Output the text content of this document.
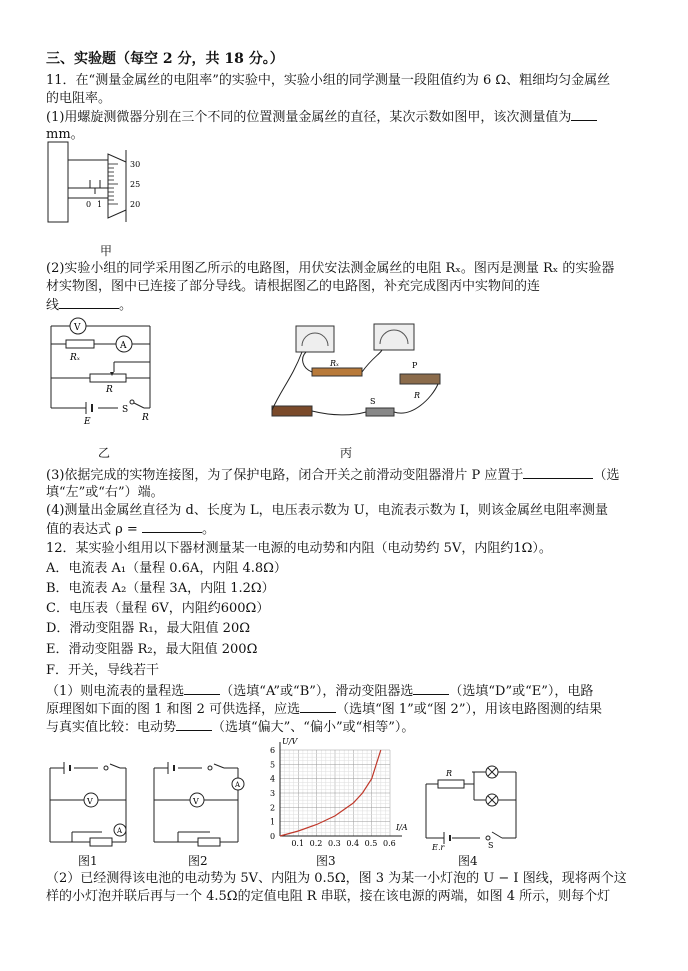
三、实验题（每空 2 分，共 18 分。）
11．在“测量金属丝的电阻率”的实验中，实验小组的同学测量一段阻值约为 6 Ω、粗细均匀金属丝
的电阻率。
(1)用螺旋测微器分别在三个不同的位置测量金属丝的直径，某次示数如图甲，该次测量值为
mm。
0 1
30
25
20
甲
(2)实验小组的同学采用图乙所示的电路图，用伏安法测金属丝的电阻 Rₓ。图丙是测量 Rₓ 的实验器
材实物图，图中已连接了部分导线。请根据图乙的电路图，补充完成图丙中实物间的连
线	。
V
Rₓ
A
R
E
S
R
乙
Rₓ	P
R
S
丙
(3)依据完成的实物连接图，为了保护电路，闭合开关之前滑动变阻器滑片 P 应置于	（选
填“左”或“右”）端。
(4)测量出金属丝直径为 d、长度为 L，电压表示数为 U，电流表示数为 I，则该金属丝电阻率测量
值的表达式 ρ =	。
12．某实验小组用以下器材测量某一电源的电动势和内阻（电动势约 5V，内阻约1Ω）。
A．电流表 A₁（量程 0.6A，内阻 4.8Ω）
B．电流表 A₂（量程 3A，内阻 1.2Ω）
C．电压表（量程 6V，内阻约600Ω）
D．滑动变阻器 R₁，最大阻值 20Ω
E．滑动变阻器 R₂，最大阻值 200Ω
F．开关，导线若干
（1）则电流表的量程选	（选填“A”或“B”），滑动变阻器选	（选填“D”或“E”），电路
原理图如下面的图 1 和图 2 可供选择，应选	（选填“图 1”或“图 2”），用该电路图测的结果
与真实值比较：电动势	（选填“偏大”、“偏小”或“相等”）。
V
A
图1
A
V
图2
U/V
I/A
6
5
4
3
2
1
0
0.1 0.2 0.3 0.4 0.5 0.6
图3
R
E,r	S
图4
（2）已经测得该电池的电动势为 5V、内阻为 0.5Ω，图 3 为某一小灯泡的 U − I 图线，现将两个这
样的小灯泡并联后再与一个 4.5Ω的定值电阻 R 串联，接在该电源的两端，如图 4 所示，则每个灯
